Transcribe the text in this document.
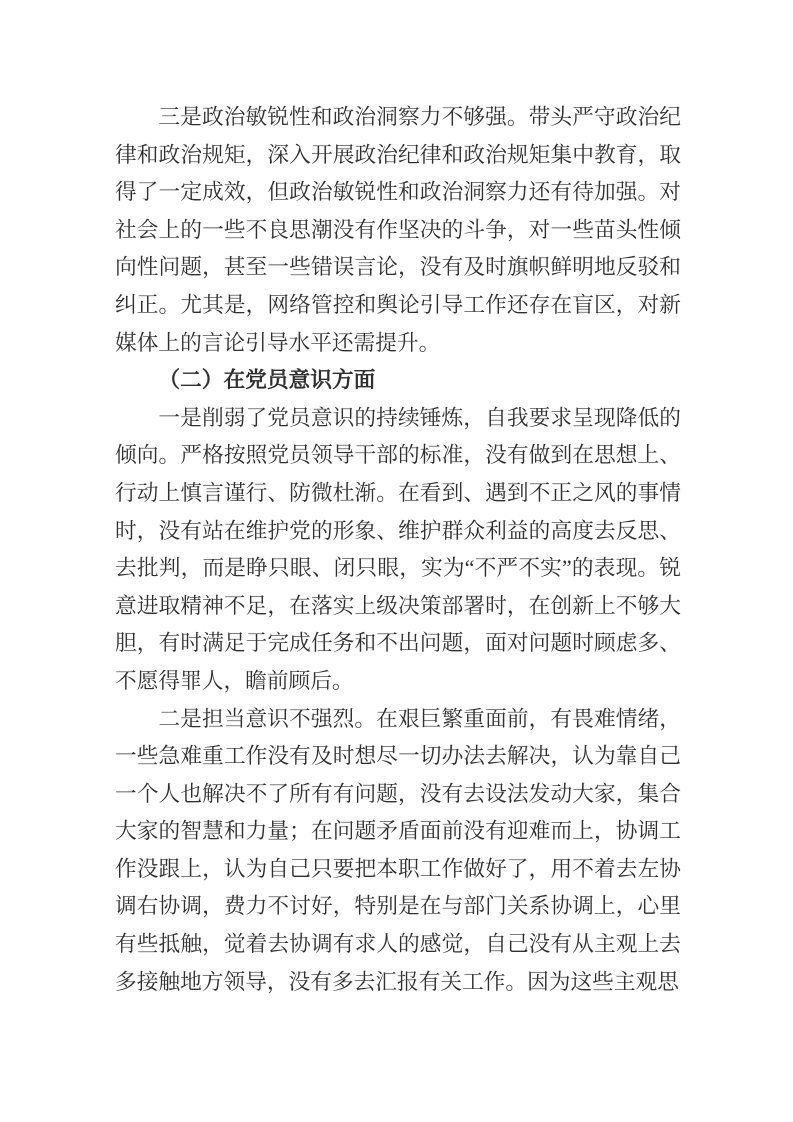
三是政治敏锐性和政治洞察力不够强。带头严守政治纪律和政治规矩，深入开展政治纪律和政治规矩集中教育，取得了一定成效，但政治敏锐性和政治洞察力还有待加强。对社会上的一些不良思潮没有作坚决的斗争，对一些苗头性倾向性问题，甚至一些错误言论，没有及时旗帜鲜明地反驳和纠正。尤其是，网络管控和舆论引导工作还存在盲区，对新媒体上的言论引导水平还需提升。

（二）在党员意识方面

一是削弱了党员意识的持续锤炼，自我要求呈现降低的倾向。严格按照党员领导干部的标准，没有做到在思想上、行动上慎言谨行、防微杜渐。在看到、遇到不正之风的事情时，没有站在维护党的形象、维护群众利益的高度去反思、去批判，而是睁只眼、闭只眼，实为“不严不实”的表现。锐意进取精神不足，在落实上级决策部署时，在创新上不够大胆，有时满足于完成任务和不出问题，面对问题时顾虑多、不愿得罪人，瞻前顾后。

二是担当意识不强烈。在艰巨繁重面前，有畏难情绪，一些急难重工作没有及时想尽一切办法去解决，认为靠自己一个人也解决不了所有有问题，没有去设法发动大家，集合大家的智慧和力量；在问题矛盾面前没有迎难而上，协调工作没跟上，认为自己只要把本职工作做好了，用不着去左协调右协调，费力不讨好，特别是在与部门关系协调上，心里有些抵触，觉着去协调有求人的感觉，自己没有从主观上去多接触地方领导，没有多去汇报有关工作。因为这些主观思
